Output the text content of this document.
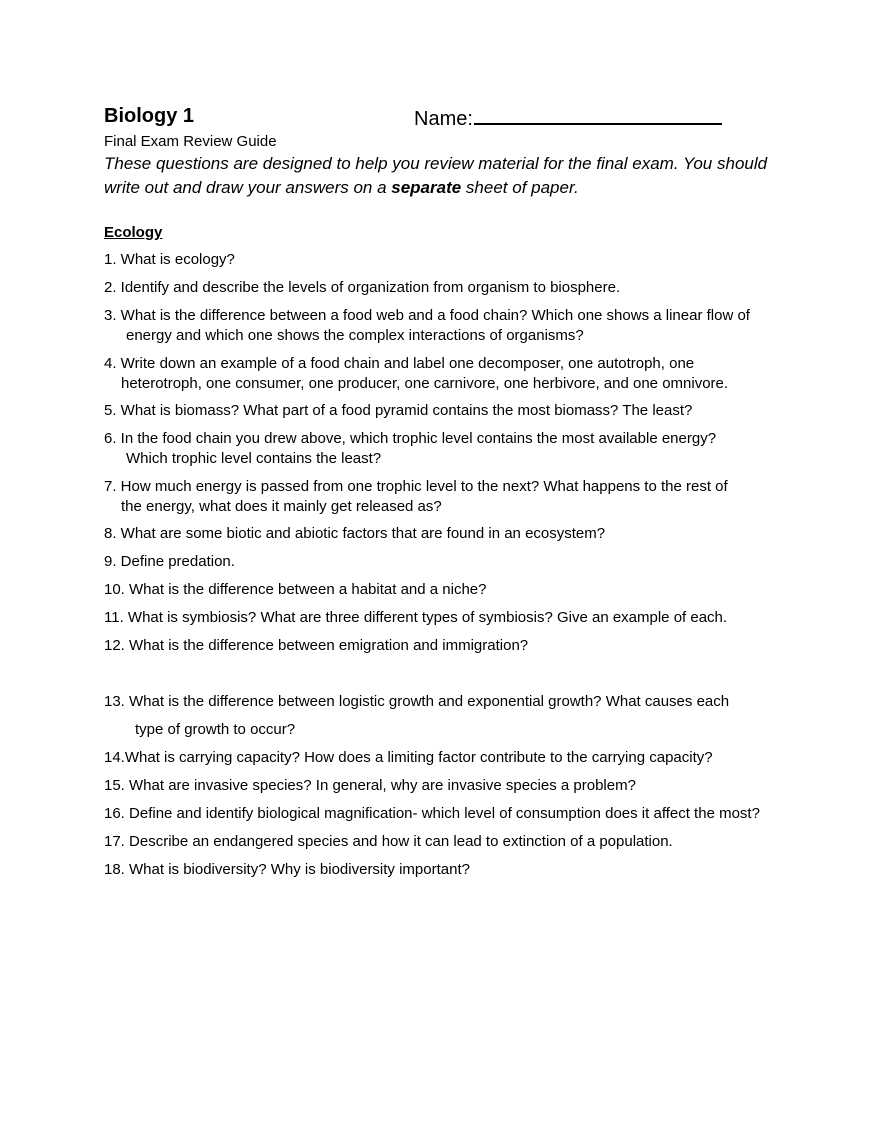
Biology 1	Name:
Final Exam Review Guide
These questions are designed to help you review material for the final exam. You should write out and draw your answers on a separate sheet of paper.
Ecology
1. What is ecology?
2. Identify and describe the levels of organization from organism to biosphere.
3. What is the difference between a food web and a food chain? Which one shows a linear flow of
energy and which one shows the complex interactions of organisms?
4. Write down an example of a food chain and label one decomposer, one autotroph, one
heterotroph, one consumer, one producer, one carnivore, one herbivore, and one omnivore.
5. What is biomass? What part of a food pyramid contains the most biomass? The least?
6. In the food chain you drew above, which trophic level contains the most available energy?
Which trophic level contains the least?
7. How much energy is passed from one trophic level to the next? What happens to the rest of
the energy, what does it mainly get released as?
8. What are some biotic and abiotic factors that are found in an ecosystem?
9. Define predation.
10. What is the difference between a habitat and a niche?
11. What is symbiosis? What are three different types of symbiosis? Give an example of each.
12. What is the difference between emigration and immigration?
13. What is the difference between logistic growth and exponential growth? What causes each
type of growth to occur?
14.What is carrying capacity? How does a limiting factor contribute to the carrying capacity?
15. What are invasive species? In general, why are invasive species a problem?
16. Define and identify biological magnification- which level of consumption does it affect the most?
17. Describe an endangered species and how it can lead to extinction of a population.
18. What is biodiversity? Why is biodiversity important?
